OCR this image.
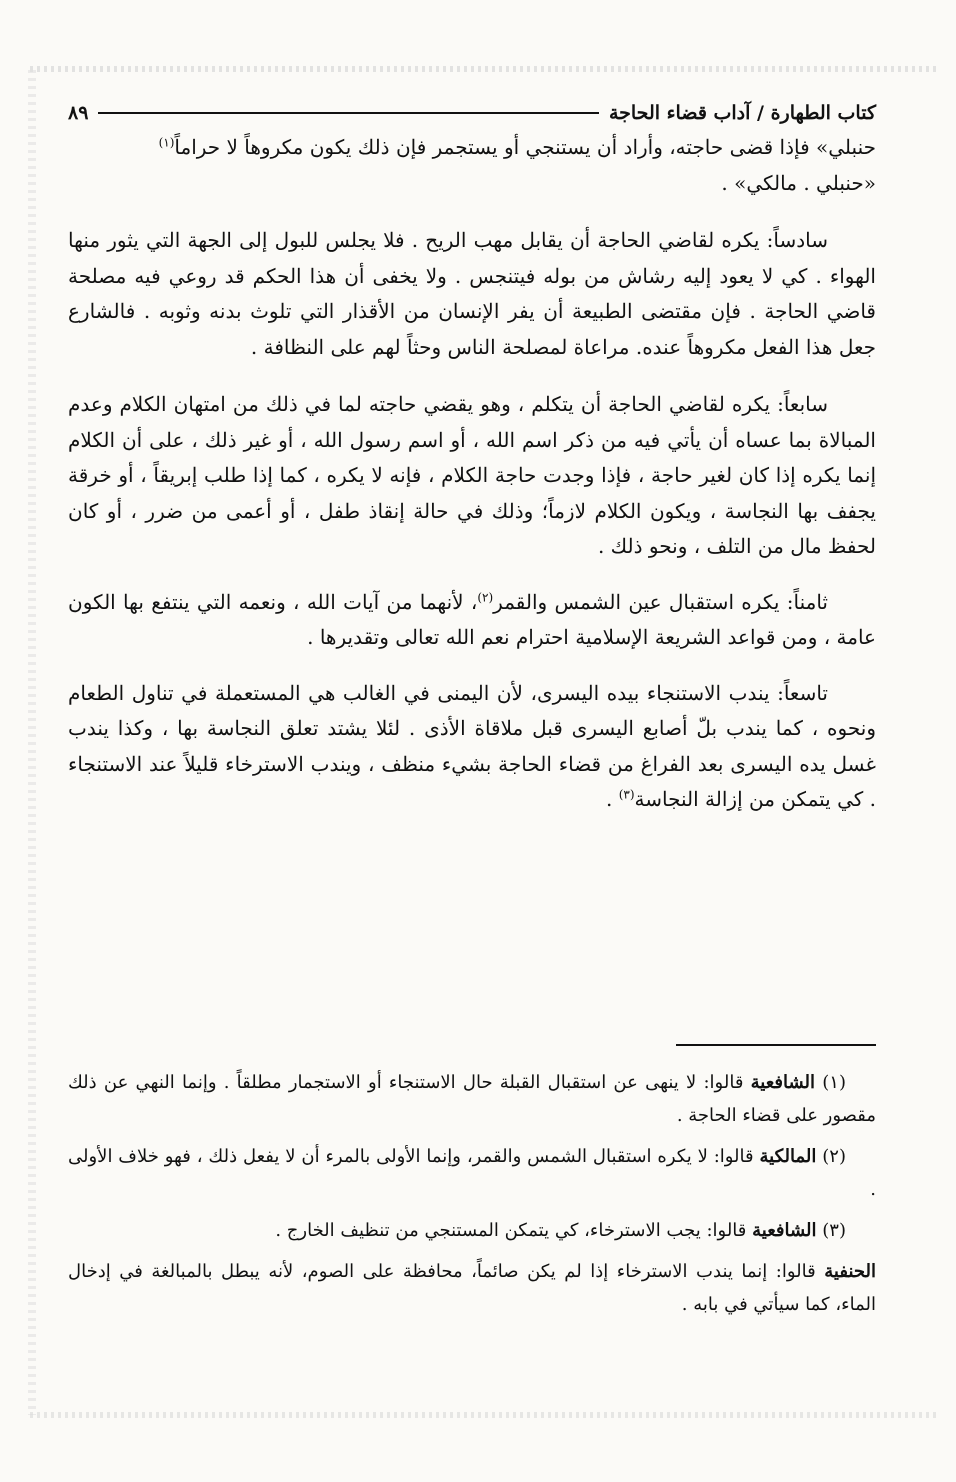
كتاب الطهارة / آداب قضاء الحاجة
٨٩

حنبلي» فإذا قضى حاجته، وأراد أن يستنجي أو يستجمر فإن ذلك يكون مكروهاً لا حراماً$^{(١)}$

«حنبلي . مالكي» .

سادساً: يكره لقاضي الحاجة أن يقابل مهب الريح . فلا يجلس للبول إلى الجهة التي يثور منها الهواء . كي لا يعود إليه رشاش من بوله فيتنجس . ولا يخفى أن هذا الحكم قد روعي فيه مصلحة قاضي الحاجة . فإن مقتضى الطبيعة أن يفر الإنسان من الأقذار التي تلوث بدنه وثوبه . فالشارع جعل هذا الفعل مكروهاً عنده. مراعاة لمصلحة الناس وحثاً لهم على النظافة .

سابعاً: يكره لقاضي الحاجة أن يتكلم ، وهو يقضي حاجته لما في ذلك من امتهان الكلام وعدم المبالاة بما عساه أن يأتي فيه من ذكر اسم الله ، أو اسم رسول الله ، أو غير ذلك ، على أن الكلام إنما يكره إذا كان لغير حاجة ، فإذا وجدت حاجة الكلام ، فإنه لا يكره ، كما إذا طلب إبريقاً ، أو خرقة يجفف بها النجاسة ، ويكون الكلام لازماً؛ وذلك في حالة إنقاذ طفل ، أو أعمى من ضرر ، أو كان لحفظ مال من التلف ، ونحو ذلك .

ثامناً: يكره استقبال عين الشمس والقمر$^{(٢)}$، لأنهما من آيات الله ، ونعمه التي ينتفع بها الكون عامة ، ومن قواعد الشريعة الإسلامية احترام نعم الله تعالى وتقديرها .

تاسعاً: يندب الاستنجاء بيده اليسرى، لأن اليمنى في الغالب هي المستعملة في تناول الطعام ونحوه ، كما يندب بلّ أصابع اليسرى قبل ملاقاة الأذى . لئلا يشتد تعلق النجاسة بها ، وكذا يندب غسل يده اليسرى بعد الفراغ من قضاء الحاجة بشيء منظف ، ويندب الاسترخاء قليلاً عند الاستنجاء . كي يتمكن من إزالة النجاسة$^{(٣)}$ .

(١) الشافعية قالوا: لا ينهى عن استقبال القبلة حال الاستنجاء أو الاستجمار مطلقاً . وإنما النهي عن ذلك مقصور على قضاء الحاجة .

(٢) المالكية قالوا: لا يكره استقبال الشمس والقمر، وإنما الأولى بالمرء أن لا يفعل ذلك ، فهو خلاف الأولى .

(٣) الشافعية قالوا: يجب الاسترخاء، كي يتمكن المستنجي من تنظيف الخارج .

الحنفية قالوا: إنما يندب الاسترخاء إذا لم يكن صائماً، محافظة على الصوم، لأنه يبطل بالمبالغة في إدخال الماء، كما سيأتي في بابه .
